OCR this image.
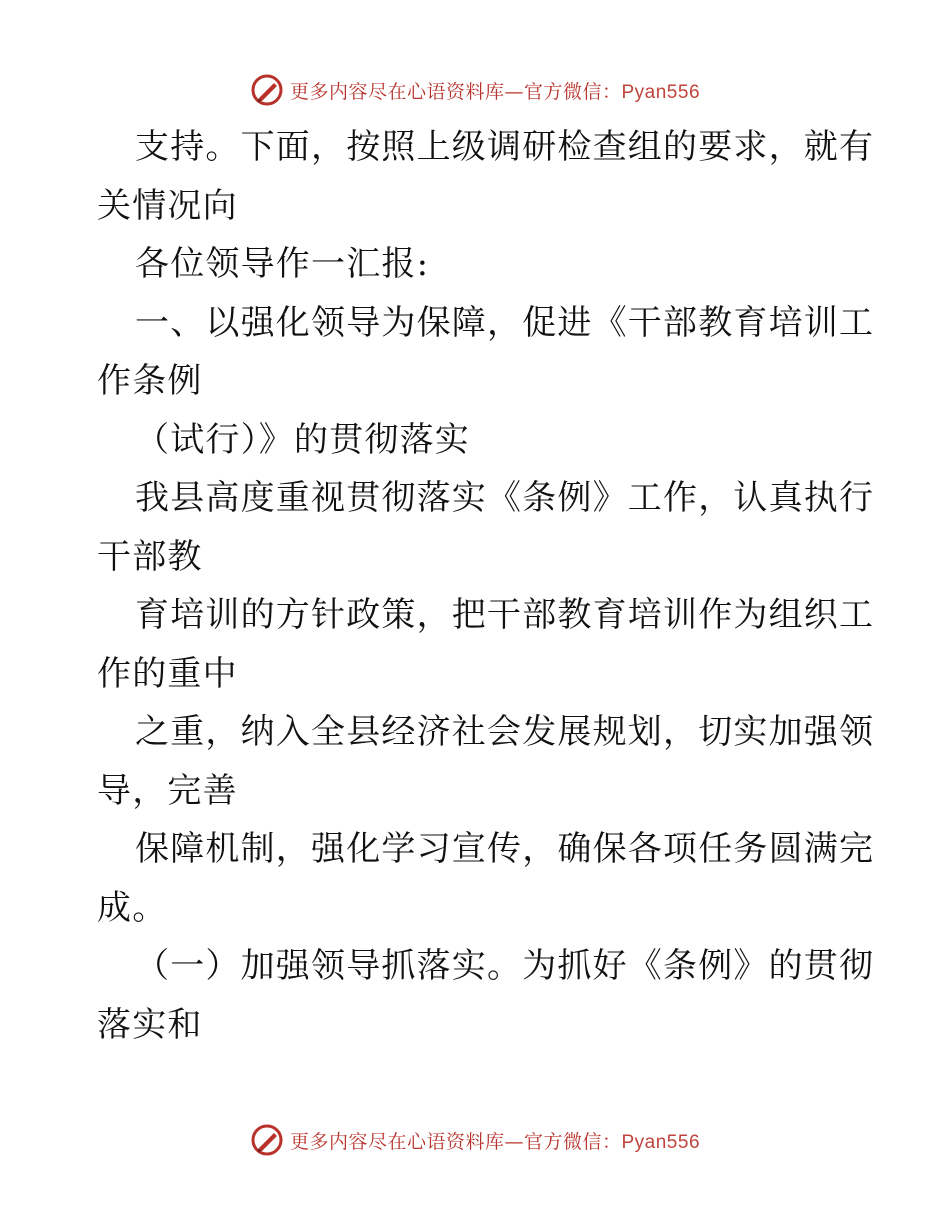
更多内容尽在心语资料库—官方微信：Pyan556
支持。下面，按照上级调研检查组的要求，就有
关情况向
各位领导作一汇报:
一、以强化领导为保障，促进《干部教育培训工
作条例
（试行）》的贯彻落实
我县高度重视贯彻落实《条例》工作，认真执行
干部教
育培训的方针政策，把干部教育培训作为组织工
作的重中
之重，纳入全县经济社会发展规划，切实加强领
导，完善
保障机制，强化学习宣传，确保各项任务圆满完
成。
（一）加强领导抓落实。为抓好《条例》的贯彻
落实和
更多内容尽在心语资料库—官方微信：Pyan556
